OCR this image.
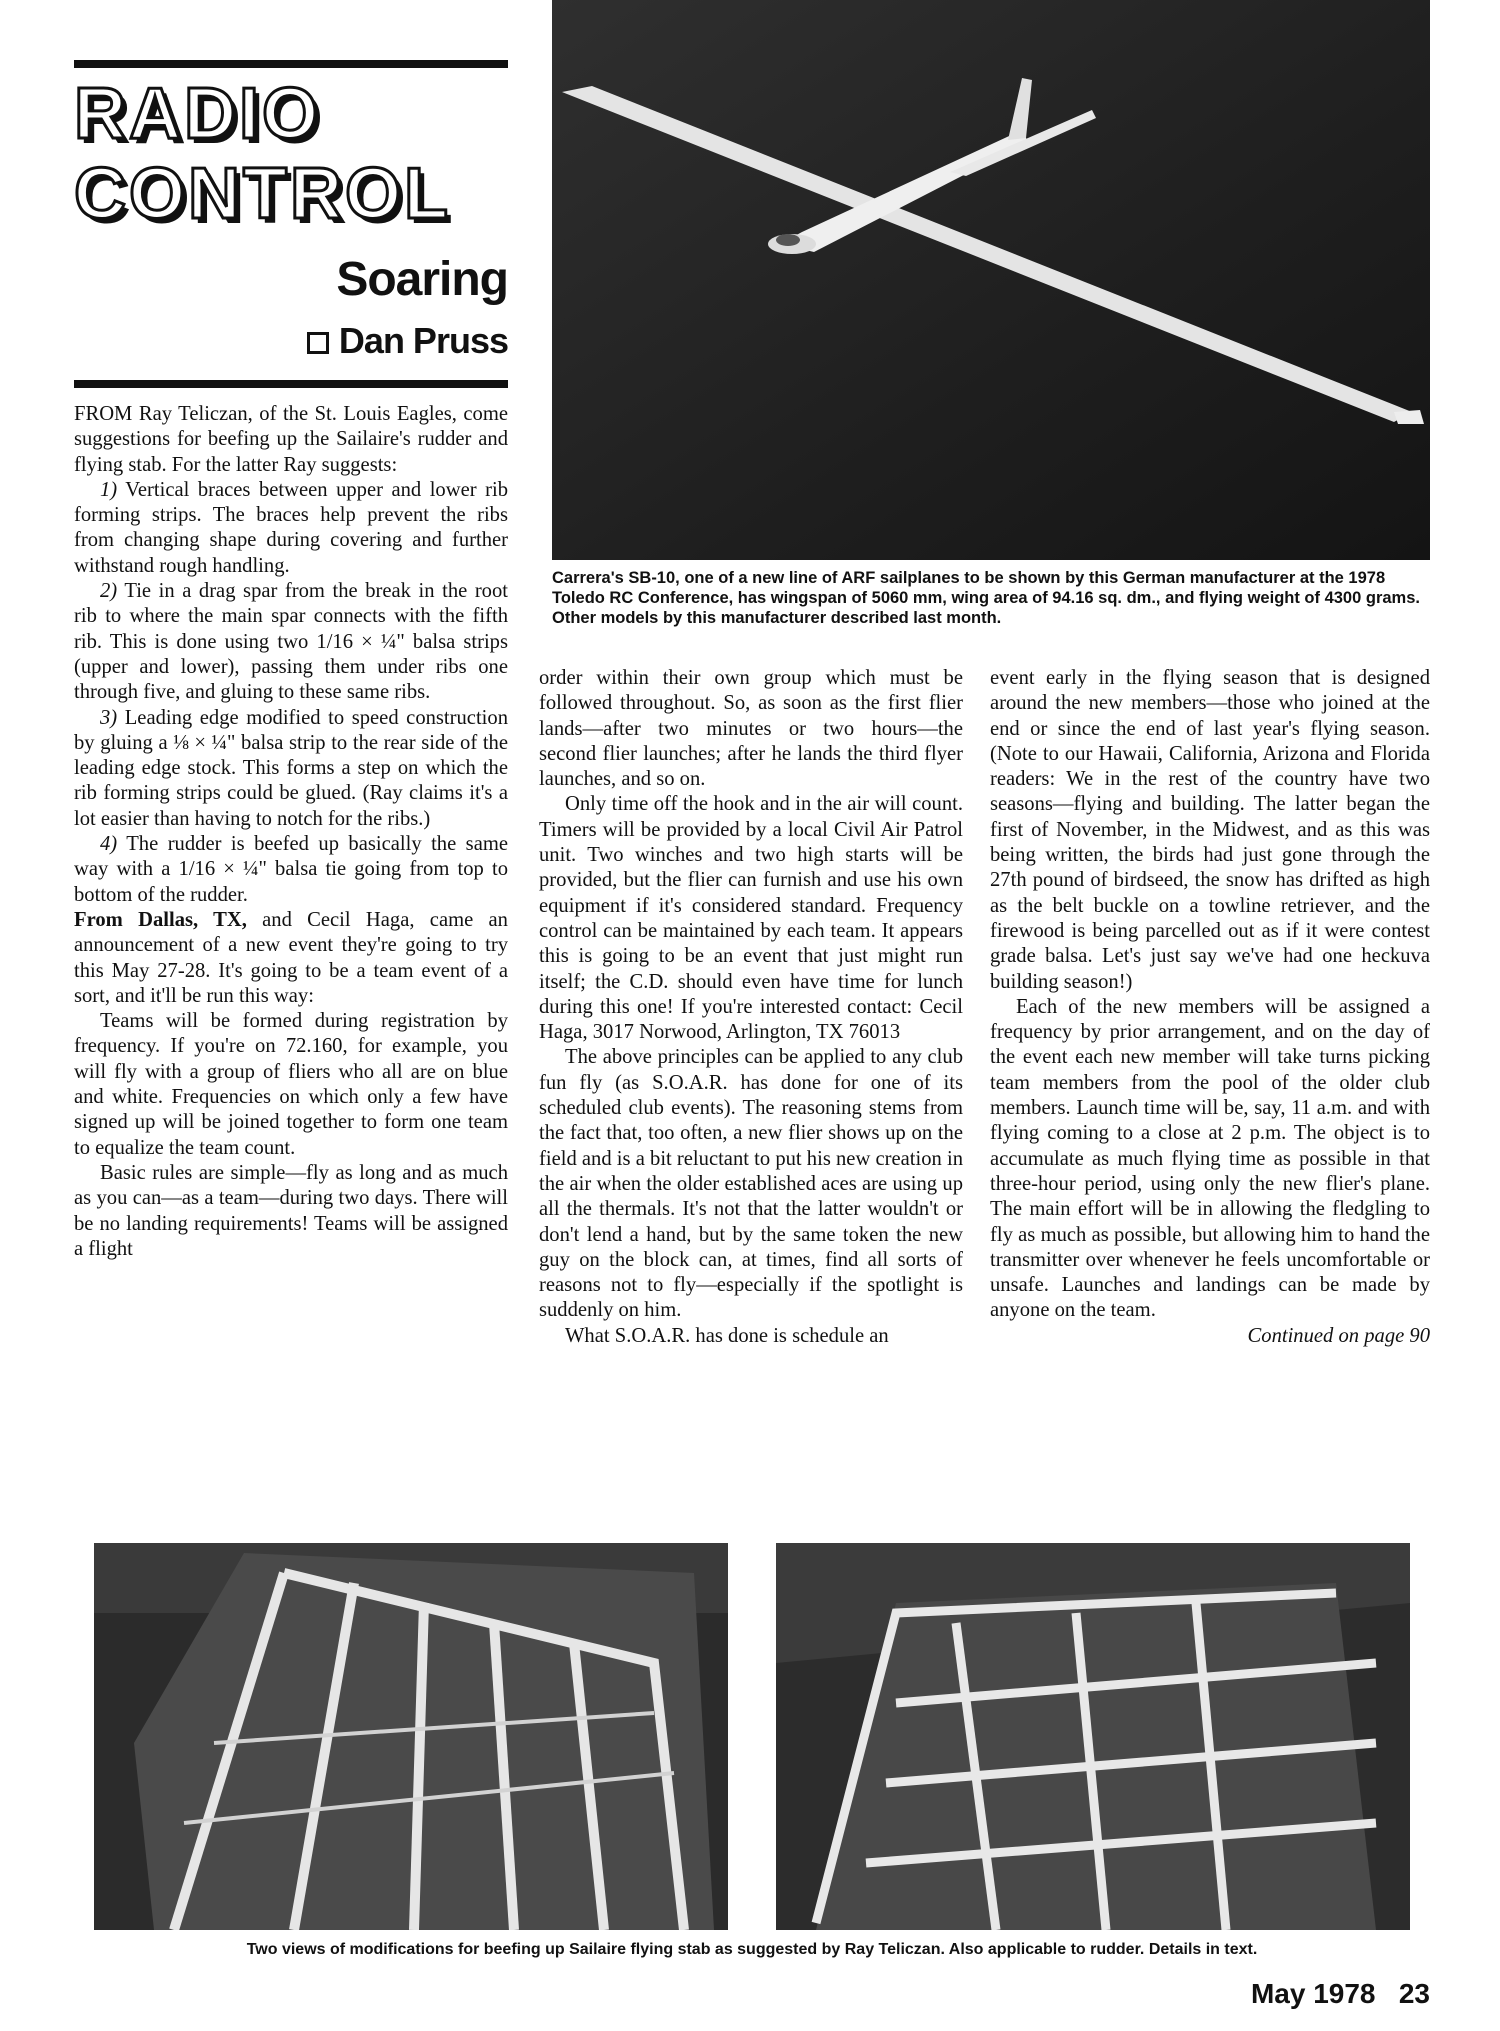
RADIO
CONTROL
Soaring
Dan Pruss
Carrera's SB-10, one of a new line of ARF sailplanes to be shown by this German manufacturer at the 1978 Toledo RC Conference, has wingspan of 5060 mm, wing area of 94.16 sq. dm., and flying weight of 4300 grams. Other models by this manufacturer described last month.

FROM Ray Teliczan, of the St. Louis Eagles, come suggestions for beefing up the Sailaire's rudder and flying stab. For the latter Ray suggests:

1) Vertical braces between upper and lower rib forming strips. The braces help prevent the ribs from changing shape during covering and further withstand rough handling.

2) Tie in a drag spar from the break in the root rib to where the main spar connects with the fifth rib. This is done using two 1/16 × ¼" balsa strips (upper and lower), passing them under ribs one through five, and gluing to these same ribs.

3) Leading edge modified to speed construction by gluing a ⅛ × ¼" balsa strip to the rear side of the leading edge stock. This forms a step on which the rib forming strips could be glued. (Ray claims it's a lot easier than having to notch for the ribs.)

4) The rudder is beefed up basically the same way with a 1/16 × ¼" balsa tie going from top to bottom of the rudder.

From Dallas, TX, and Cecil Haga, came an announcement of a new event they're going to try this May 27-28. It's going to be a team event of a sort, and it'll be run this way:

Teams will be formed during registration by frequency. If you're on 72.160, for example, you will fly with a group of fliers who all are on blue and white. Frequencies on which only a few have signed up will be joined together to form one team to equalize the team count.

Basic rules are simple—fly as long and as much as you can—as a team—during two days. There will be no landing requirements! Teams will be assigned a flight

order within their own group which must be followed throughout. So, as soon as the first flier lands—after two minutes or two hours—the second flier launches; after he lands the third flyer launches, and so on.

Only time off the hook and in the air will count. Timers will be provided by a local Civil Air Patrol unit. Two winches and two high starts will be provided, but the flier can furnish and use his own equipment if it's considered standard. Frequency control can be maintained by each team. It appears this is going to be an event that just might run itself; the C.D. should even have time for lunch during this one! If you're interested contact: Cecil Haga, 3017 Norwood, Arlington, TX 76013

The above principles can be applied to any club fun fly (as S.O.A.R. has done for one of its scheduled club events). The reasoning stems from the fact that, too often, a new flier shows up on the field and is a bit reluctant to put his new creation in the air when the older established aces are using up all the thermals. It's not that the latter wouldn't or don't lend a hand, but by the same token the new guy on the block can, at times, find all sorts of reasons not to fly—especially if the spotlight is suddenly on him.

What S.O.A.R. has done is schedule an

event early in the flying season that is designed around the new members—those who joined at the end or since the end of last year's flying season. (Note to our Hawaii, California, Arizona and Florida readers: We in the rest of the country have two seasons—flying and building. The latter began the first of November, in the Midwest, and as this was being written, the birds had just gone through the 27th pound of birdseed, the snow has drifted as high as the belt buckle on a towline retriever, and the firewood is being parcelled out as if it were contest grade balsa. Let's just say we've had one heckuva building season!)

Each of the new members will be assigned a frequency by prior arrangement, and on the day of the event each new member will take turns picking team members from the pool of the older club members. Launch time will be, say, 11 a.m. and with flying coming to a close at 2 p.m. The object is to accumulate as much flying time as possible in that three-hour period, using only the new flier's plane. The main effort will be in allowing the fledgling to fly as much as possible, but allowing him to hand the transmitter over whenever he feels uncomfortable or unsafe. Launches and landings can be made by anyone on the team.

Continued on page 90

Two views of modifications for beefing up Sailaire flying stab as suggested by Ray Teliczan. Also applicable to rudder. Details in text.
May 1978 23
